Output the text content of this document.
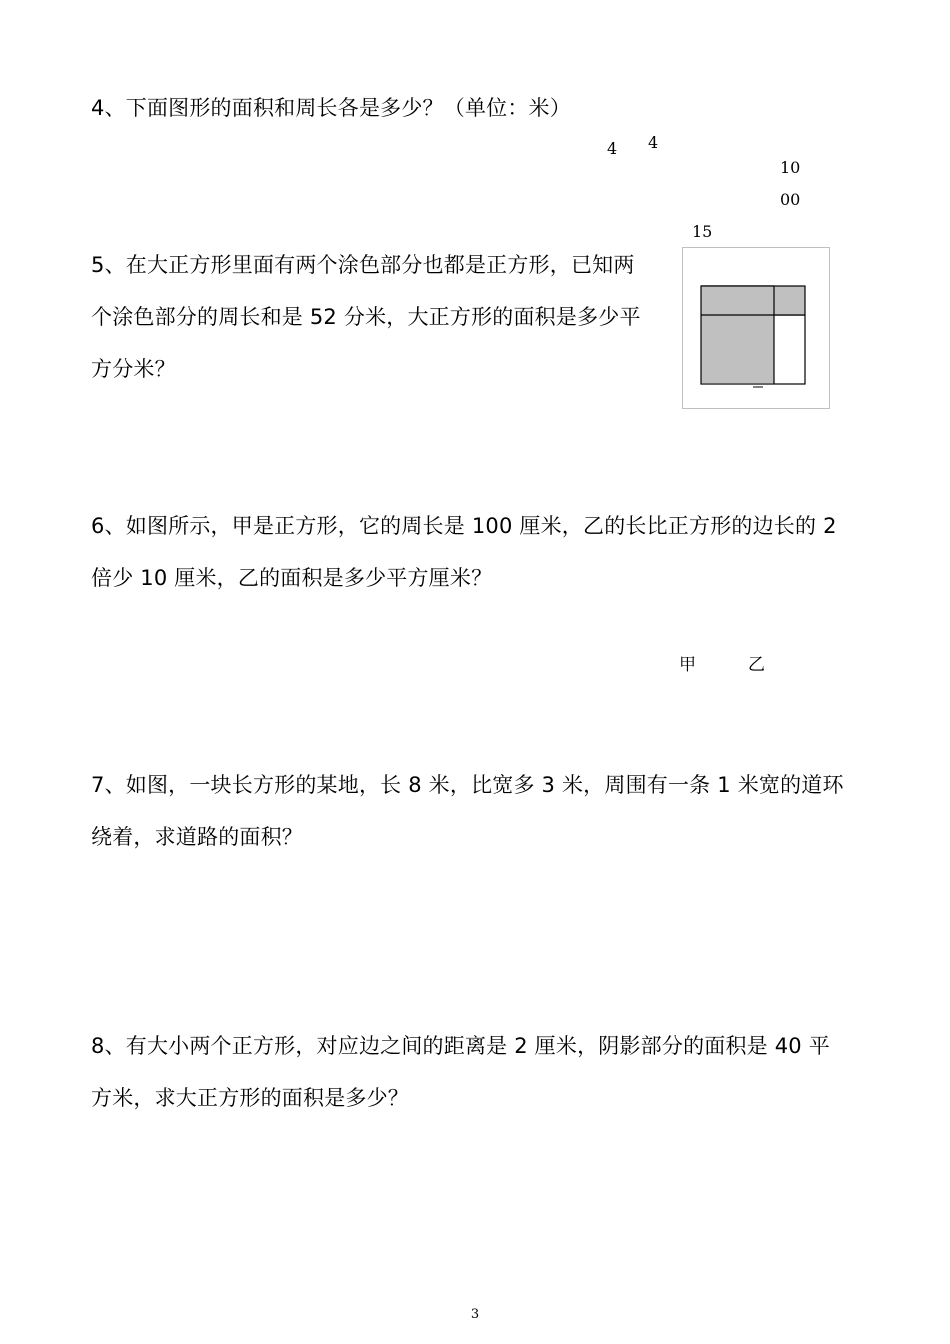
4、下面图形的面积和周长各是多少？（单位：米）
4 4
10
00
15
5、在大正方形里面有两个涂色部分也都是正方形，已知两
个涂色部分的周长和是 52 分米，大正方形的面积是多少平
方分米？
6、如图所示，甲是正方形，它的周长是 100 厘米，乙的长比正方形的边长的 2
倍少 10 厘米，乙的面积是多少平方厘米？
甲	乙
7、如图，一块长方形的某地，长 8 米，比宽多 3 米，周围有一条 1 米宽的道环
绕着，求道路的面积？
8、有大小两个正方形，对应边之间的距离是 2 厘米，阴影部分的面积是 40 平
方米，求大正方形的面积是多少？
3
